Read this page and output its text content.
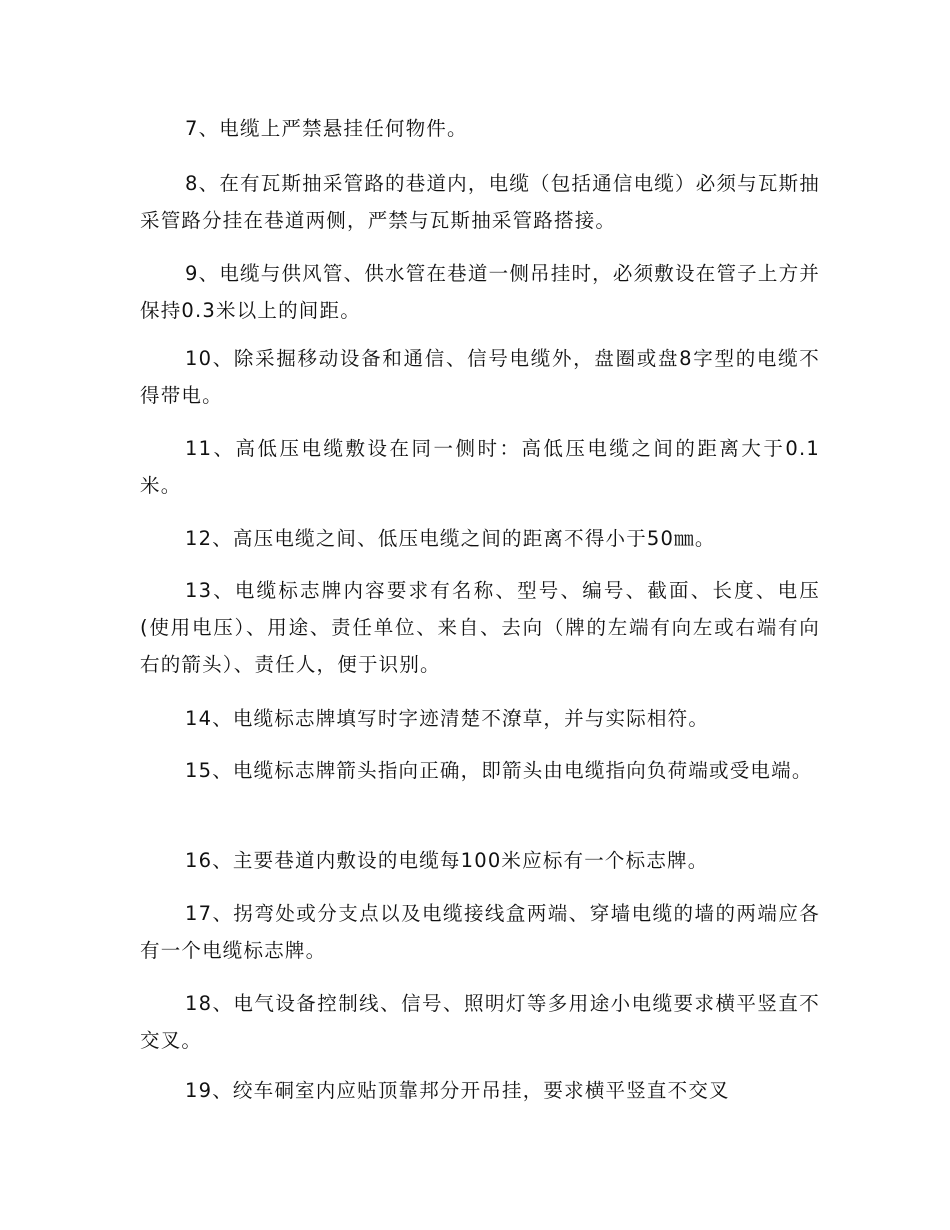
7、电缆上严禁悬挂任何物件。

8、在有瓦斯抽采管路的巷道内，电缆（包括通信电缆）必须与瓦斯抽采管路分挂在巷道两侧，严禁与瓦斯抽采管路搭接。

9、电缆与供风管、供水管在巷道一侧吊挂时，必须敷设在管子上方并保持0.3米以上的间距。

10、除采掘移动设备和通信、信号电缆外，盘圈或盘8字型的电缆不得带电。

11、高低压电缆敷设在同一侧时：高低压电缆之间的距离大于0.1米。

12、高压电缆之间、低压电缆之间的距离不得小于50㎜。

13、电缆标志牌内容要求有名称、型号、编号、截面、长度、电压(使用电压）、用途、责任单位、来自、去向（牌的左端有向左或右端有向右的箭头）、责任人，便于识别。

14、电缆标志牌填写时字迹清楚不潦草，并与实际相符。

15、电缆标志牌箭头指向正确，即箭头由电缆指向负荷端或受电端。

16、主要巷道内敷设的电缆每100米应标有一个标志牌。

17、拐弯处或分支点以及电缆接线盒两端、穿墙电缆的墙的两端应各有一个电缆标志牌。

18、电气设备控制线、信号、照明灯等多用途小电缆要求横平竖直不交叉。

19、绞车硐室内应贴顶靠邦分开吊挂，要求横平竖直不交叉
